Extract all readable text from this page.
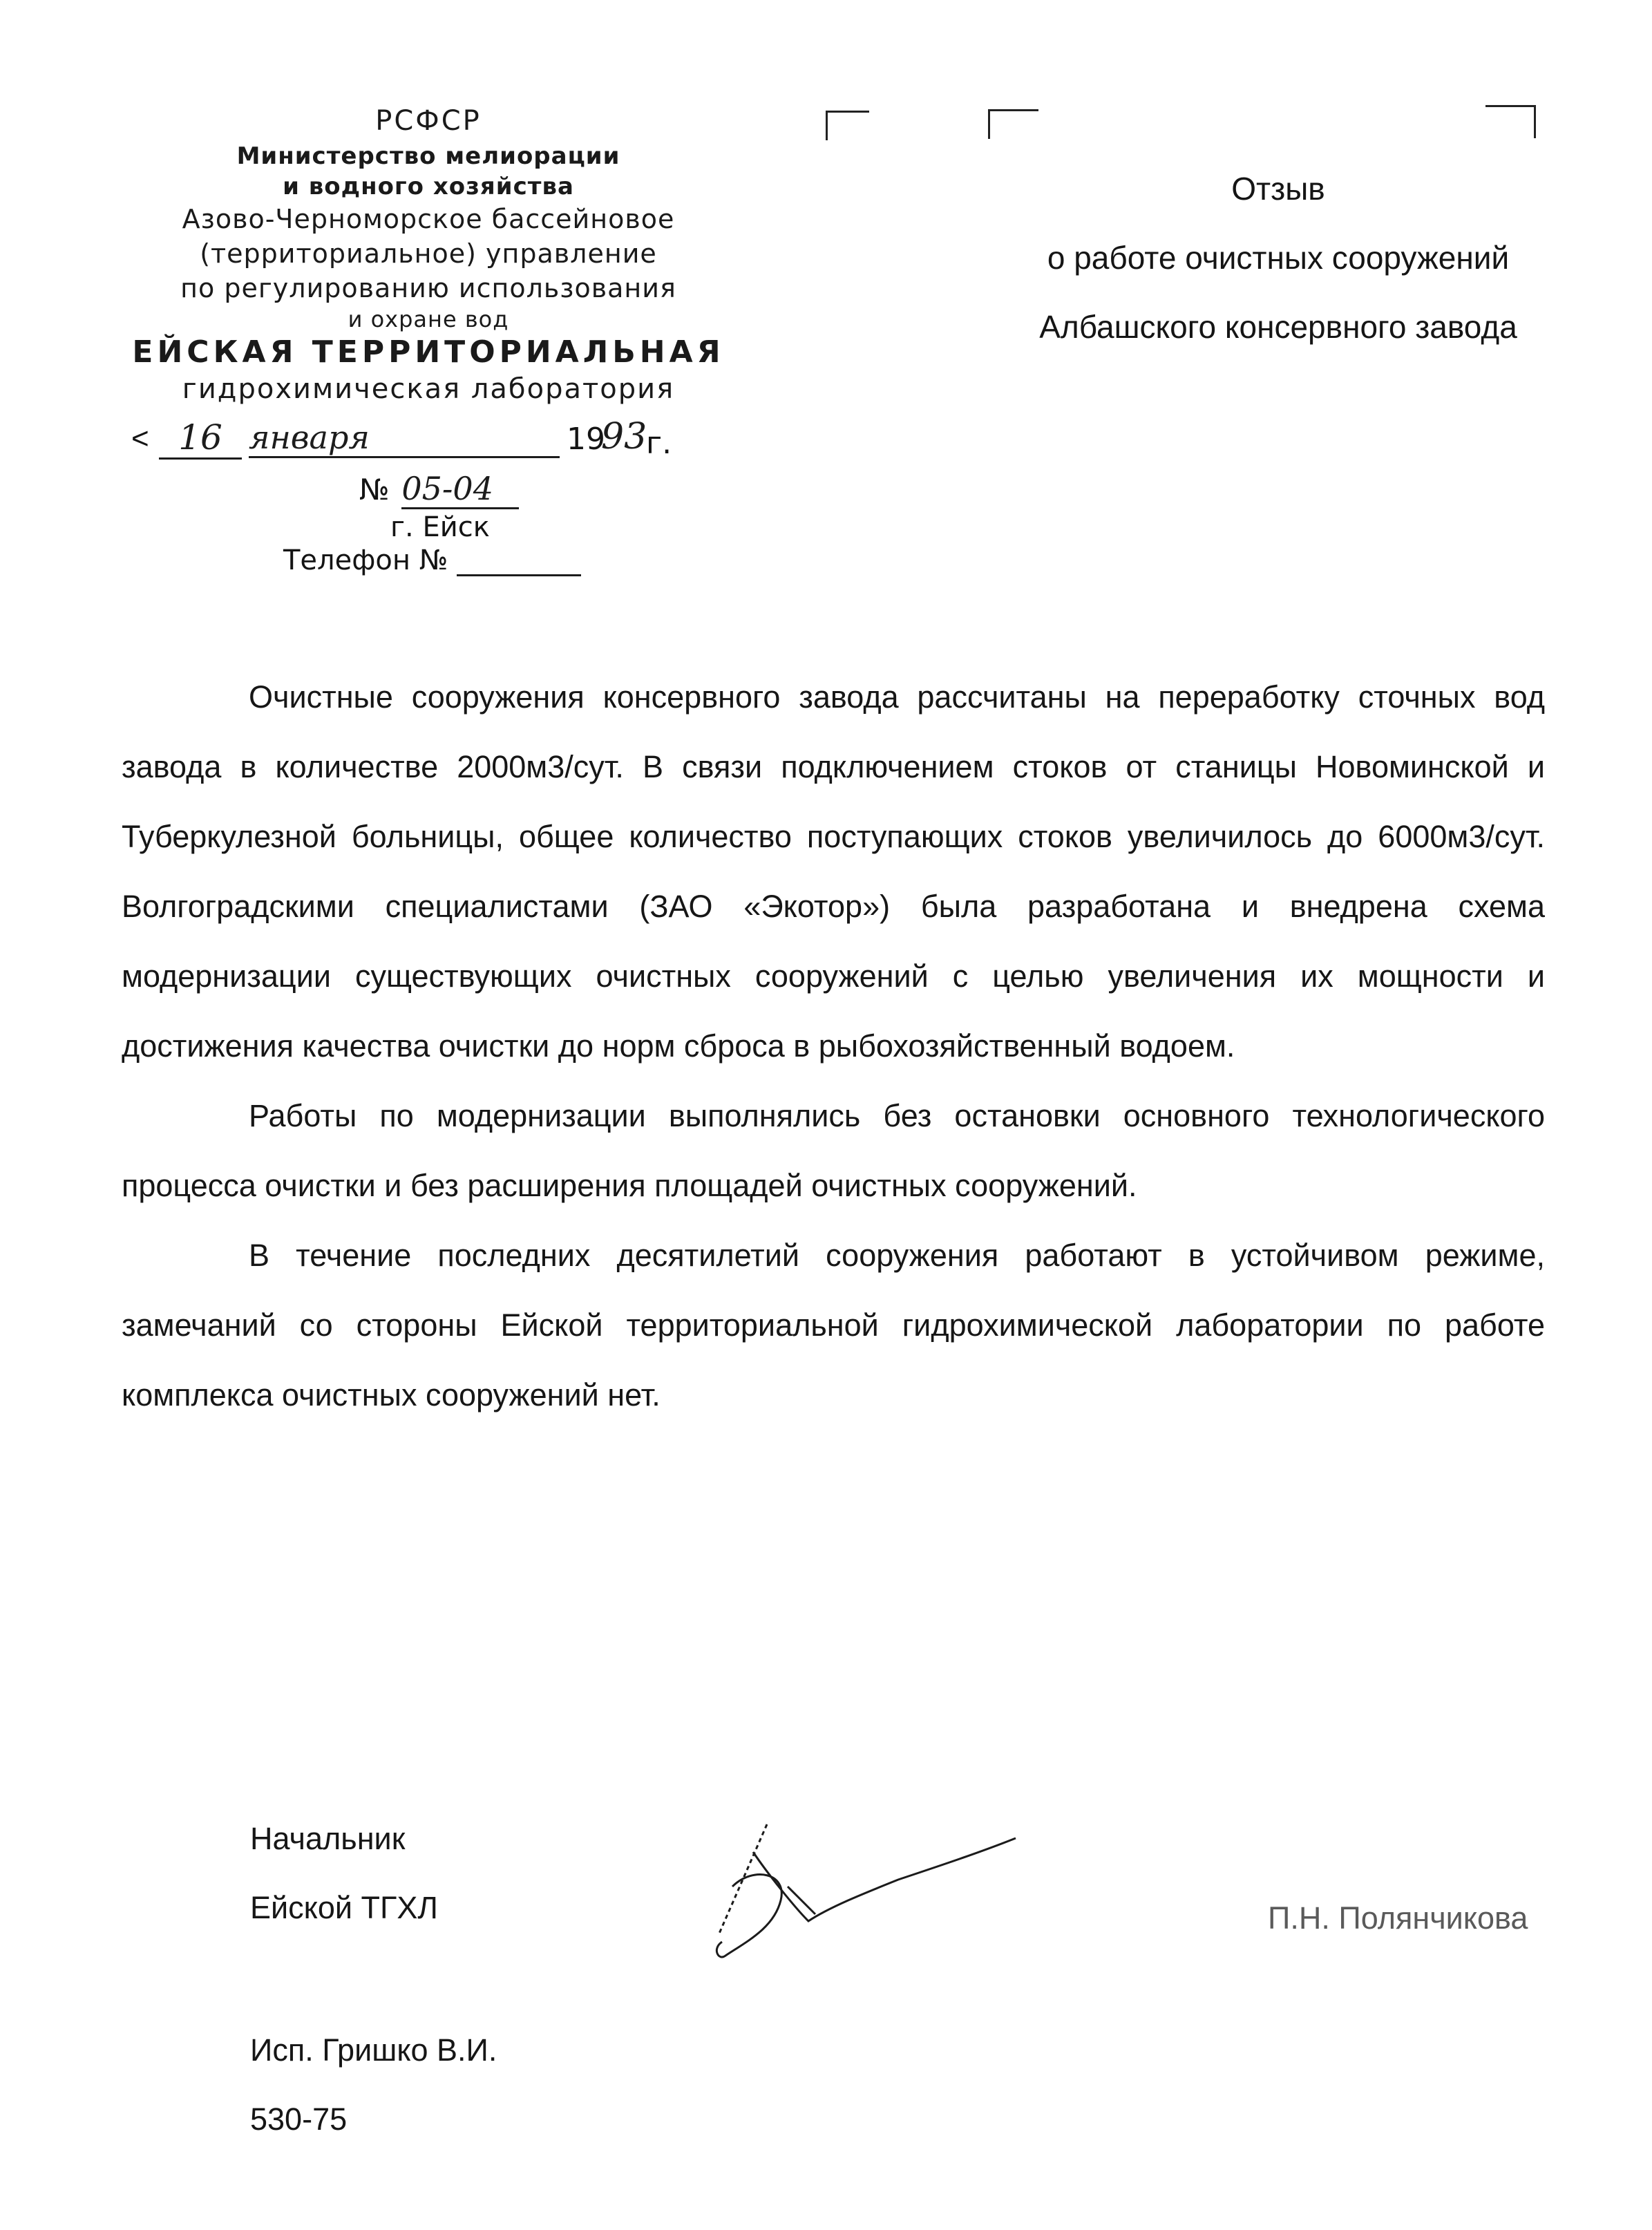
РСФСР
Министерство мелиорации
и водного хозяйства
Азово-Черноморское бассейновое
(территориальное) управление
по регулированию использования
и охране вод
ЕЙСКАЯ ТЕРРИТОРИАЛЬНАЯ
гидрохимическая лаборатория
< 16 января	19
93
г.
№ 05-04
г. Ейск
Телефон №
Отзыв
о работе очистных сооружений
Албашского консервного завода

Очистные сооружения консервного завода рассчитаны на переработку сточных вод завода в количестве 2000м3/сут. В связи подключением стоков от станицы Новоминской и Туберкулезной больницы, общее количество поступающих стоков увеличилось до 6000м3/сут. Волгоградскими специалистами (ЗАО «Экотор») была разработана и внедрена схема модернизации существующих очистных сооружений с целью увеличения их мощности и достижения качества очистки до норм сброса в рыбохозяйственный водоем.

Работы по модернизации выполнялись без остановки основного технологического процесса очистки и без расширения площадей очистных сооружений.

В течение последних десятилетий сооружения работают в устойчивом режиме, замечаний со стороны Ейской территориальной гидрохимической лаборатории по работе комплекса очистных сооружений нет.

Начальник
Ейской ТГХЛ	П.Н. Полянчикова
Исп. Гришко В.И.
530-75
